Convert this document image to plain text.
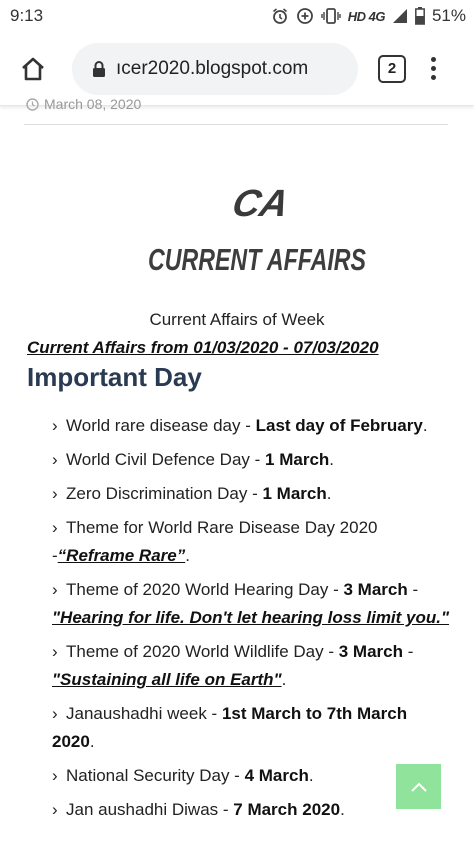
9:13	HD 4G	51%
ıcer2020.blogspot.com	2
March 08, 2020
CA
CURRENT AFFAIRS
Current Affairs of Week
Current Affairs from 01/03/2020 - 07/03/2020
Important Day
› World rare disease day - Last day of February.
› World Civil Defence Day - 1 March.
› Zero Discrimination Day - 1 March.
› Theme for World Rare Disease Day 2020 -“Reframe Rare”.
› Theme of 2020 World Hearing Day - 3 March -"Hearing for life. Don't let hearing loss limit you."
› Theme of 2020 World Wildlife Day - 3 March -"Sustaining all life on Earth".
› Janaushadhi week - 1st March to 7th March 2020.
› National Security Day - 4 March.
› Jan aushadhi Diwas - 7 March 2020.
